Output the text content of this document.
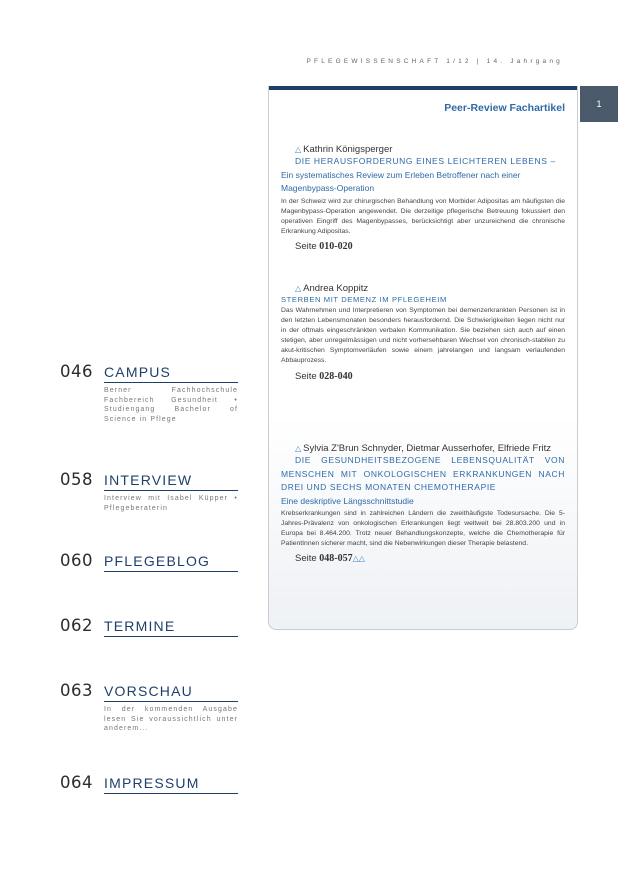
PFLEGEWISSENSCHAFT 1/12 | 14. Jahrgang
1
046 CAMPUS
Berner Fachhochschule Fachbereich Gesundheit • Studiengang Bachelor of Science in Pflege
058 INTERVIEW
Interview mit Isabel Küpper • Pflegeberaterin
060 PFLEGEBLOG
062 TERMINE
063 VORSCHAU
In der kommenden Ausgabe lesen Sie voraussichtlich unter anderem...
064 IMPRESSUM
Peer-Review Fachartikel
△ Kathrin Königsperger
DIE HERAUSFORDERUNG EINES LEICHTEREN LEBENS –
Ein systematisches Review zum Erleben Betroffener nach einer Magenbypass-Operation
In der Schweiz wird zur chirurgischen Behandlung von Morbider Adipositas am häufigsten die Magenbypass-Operation angewendet. Die derzeitige pflegerische Betreuung fokussiert den operativen Eingriff des Magenbypasses, berücksichtigt aber unzureichend die chronische Erkrankung Adipositas.
Seite 010-020
△ Andrea Koppitz
STERBEN MIT DEMENZ IM PFLEGEHEIM
Das Wahrnehmen und Interpretieren von Symptomen bei demenzerkrankten Personen ist in den letzten Lebensmonaten besonders herausfordernd. Die Schwierigkeiten liegen nicht nur in der oftmals eingeschränkten verbalen Kommunikation. Sie beziehen sich auch auf einen stetigen, aber unregelmässigen und nicht vorhersehbaren Wechsel von chronisch-stabilen zu akut-kritischen Symptomverläufen sowie einem jahrelangen und langsam verlaufenden Abbauprozess.
Seite 028-040
△ Sylvia Z'Brun Schnyder, Dietmar Ausserhofer, Elfriede Fritz
DIE GESUNDHEITSBEZOGENE LEBENSQUALITÄT VON MENSCHEN MIT ONKOLOGISCHEN ERKRANKUNGEN NACH DREI UND SECHS MONATEN CHEMOTHERAPIE
Eine deskriptive Längsschnittstudie
Krebserkrankungen sind in zahlreichen Ländern die zweithäufigste Todesursache. Die 5-Jahres-Prävalenz von onkologischen Erkrankungen liegt weltweit bei 28.803.200 und in Europa bei 8.464.200. Trotz neuer Behandlungskonzepte, welche die Chemotherapie für PatientInnen sicherer macht, sind die Nebenwirkungen dieser Therapie belastend.
Seite 048-057△△
